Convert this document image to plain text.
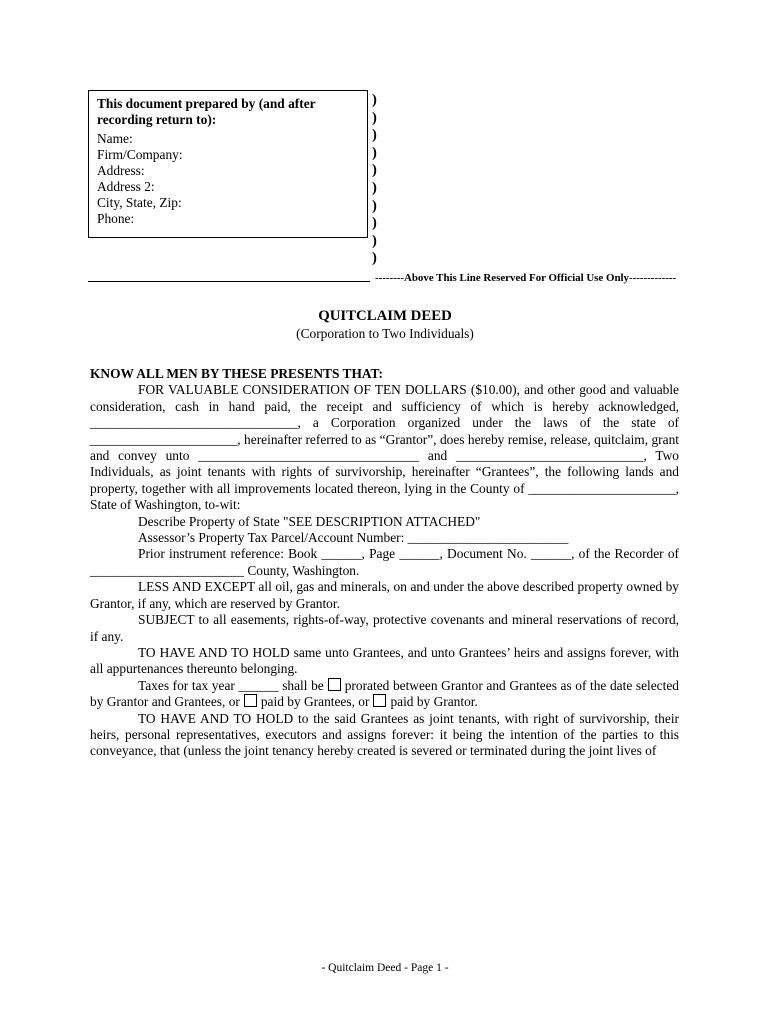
This document prepared by (and after recording return to):
Name:
Firm/Company:
Address:
Address 2:
City, State, Zip:
Phone:
)
)
)
)
)
)
)
)
)
)
--------Above This Line Reserved For Official Use Only-------------
QUITCLAIM DEED
(Corporation to Two Individuals)

KNOW ALL MEN BY THESE PRESENTS THAT:

FOR VALUABLE CONSIDERATION OF TEN DOLLARS ($10.00), and other good and valuable consideration, cash in hand paid, the receipt and sufficiency of which is hereby acknowledged, _______________________________, a Corporation organized under the laws of the state of ______________________, hereinafter referred to as “Grantor”, does hereby remise, release, quitclaim, grant and convey unto _________________________________ and ____________________________, Two Individuals, as joint tenants with rights of survivorship, hereinafter “Grantees”, the following lands and property, together with all improvements located thereon, lying in the County of ______________________, State of Washington, to-wit:

Describe Property of State "SEE DESCRIPTION ATTACHED"

Assessor’s Property Tax Parcel/Account Number: ________________________

Prior instrument reference: Book ______, Page ______, Document No. ______, of the Recorder of _______________________ County, Washington.

LESS AND EXCEPT all oil, gas and minerals, on and under the above described property owned by Grantor, if any, which are reserved by Grantor.

SUBJECT to all easements, rights-of-way, protective covenants and mineral reservations of record, if any.

TO HAVE AND TO HOLD same unto Grantees, and unto Grantees’ heirs and assigns forever, with all appurtenances thereunto belonging.

Taxes for tax year ______ shall be prorated between Grantor and Grantees as of the date selected by Grantor and Grantees, or paid by Grantees, or paid by Grantor.

TO HAVE AND TO HOLD to the said Grantees as joint tenants, with right of survivorship, their heirs, personal representatives, executors and assigns forever: it being the intention of the parties to this conveyance, that (unless the joint tenancy hereby created is severed or terminated during the joint lives of

- Quitclaim Deed - Page 1 -
